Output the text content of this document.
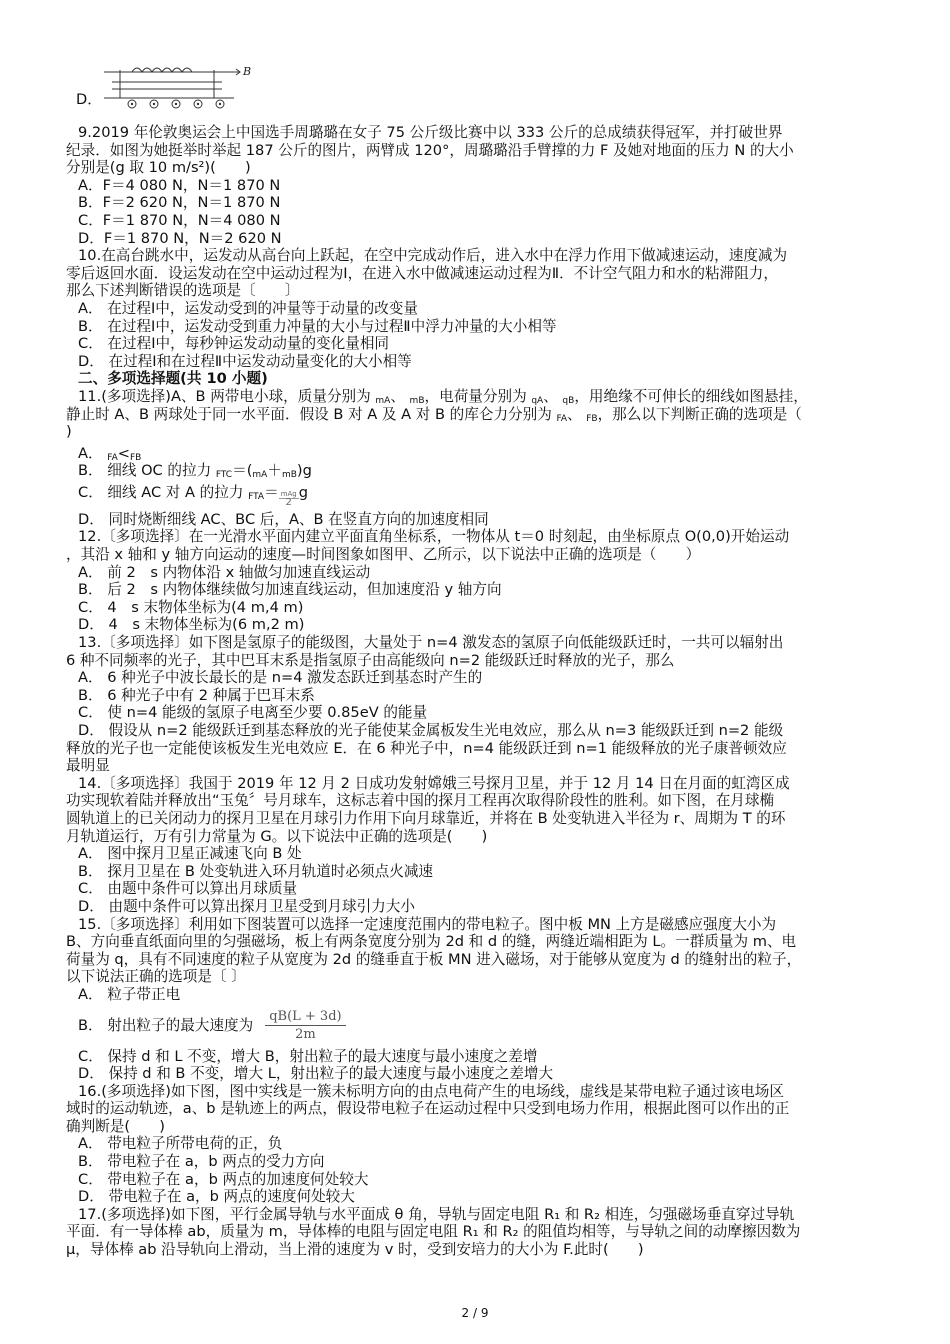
D．
B

9.2019 年伦敦奥运会上中国选手周璐璐在女子 75 公斤级比赛中以 333 公斤的总成绩获得冠军，并打破世界

纪录．如图为她挺举时举起 187 公斤的图片，两臂成 120°，周璐璐沿手臂撑的力 F 及她对地面的压力 N 的大小

分别是(g 取 10 m/s²)(　　)

A．F＝4 080 N，N＝1 870 N

B．F＝2 620 N，N＝1 870 N

C．F＝1 870 N，N＝4 080 N

D．F＝1 870 N，N＝2 620 N

10.在高台跳水中，运发动从高台向上跃起，在空中完成动作后，进入水中在浮力作用下做减速运动，速度减为

零后返回水面．设运发动在空中运动过程为Ⅰ，在进入水中做减速运动过程为Ⅱ．不计空气阻力和水的粘滞阻力，

那么下述判断错误的选项是〔　　〕

A． 在过程Ⅰ中，运发动受到的冲量等于动量的改变量

B． 在过程Ⅰ中，运发动受到重力冲量的大小与过程Ⅱ中浮力冲量的大小相等

C． 在过程Ⅰ中，每秒钟运发动动量的变化量相同

D． 在过程Ⅰ和在过程Ⅱ中运发动动量变化的大小相等

二、多项选择题(共 10 小题)

11.(多项选择)A、B 两带电小球，质量分别为 mA、 mB，电荷量分别为 qA、 qB，用绝缘不可伸长的细线如图悬挂，

静止时 A、B 两球处于同一水平面．假设 B 对 A 及 A 对 B 的库仑力分别为 FA、 FB，那么以下判断正确的选项是（

)

A． FA<FB

B． 细线 OC 的拉力 FTC＝(mA＋mB)g

C． 细线 AC 对 A 的拉力 $FTA= \frac{\text{mAg}}{2}$ g

D． 同时烧断细线 AC、BC 后，A、B 在竖直方向的加速度相同

12.〔多项选择〕在一光滑水平面内建立平面直角坐标系，一物体从 t＝0 时刻起，由坐标原点 O(0,0)开始运动

，其沿 x 轴和 y 轴方向运动的速度—时间图象如图甲、乙所示，以下说法中正确的选项是（　　）

A． 前 2　s 内物体沿 x 轴做匀加速直线运动

B． 后 2　s 内物体继续做匀加速直线运动，但加速度沿 y 轴方向

C． 4　s 末物体坐标为(4 m,4 m)

D． 4　s 末物体坐标为(6 m,2 m)

13.〔多项选择〕如下图是氢原子的能级图，大量处于 n=4 激发态的氢原子向低能级跃迁时，一共可以辐射出

6 种不同频率的光子，其中巴耳末系是指氢原子由高能级向 n=2 能级跃迁时释放的光子，那么

A． 6 种光子中波长最长的是 n=4 激发态跃迁到基态时产生的

B． 6 种光子中有 2 种属于巴耳末系

C． 使 n=4 能级的氢原子电离至少要 0.85eV 的能量

D． 假设从 n=2 能级跃迁到基态释放的光子能使某金属板发生光电效应，那么从 n=3 能级跃迁到 n=2 能级

释放的光子也一定能使该板发生光电效应 E．在 6 种光子中，n=4 能级跃迁到 n=1 能级释放的光子康普顿效应

最明显

14.〔多项选择〕我国于 2019 年 12 月 2 日成功发射嫦娥三号探月卫星，并于 12 月 14 日在月面的虹湾区成

功实现软着陆并释放出“玉兔〞号月球车，这标志着中国的探月工程再次取得阶段性的胜利。如下图，在月球椭

圆轨道上的已关闭动力的探月卫星在月球引力作用下向月球靠近，并将在 B 处变轨进入半径为 r、周期为 T 的环

月轨道运行，万有引力常量为 G。以下说法中正确的选项是(　　)

A． 图中探月卫星正减速飞向 B 处

B． 探月卫星在 B 处变轨进入环月轨道时必须点火减速

C． 由题中条件可以算出月球质量

D． 由题中条件可以算出探月卫星受到月球引力大小

15.〔多项选择〕利用如下图装置可以选择一定速度范围内的带电粒子。图中板 MN 上方是磁感应强度大小为

B、方向垂直纸面向里的匀强磁场，板上有两条宽度分别为 2d 和 d 的缝，两缝近端相距为 L。一群质量为 m、电

荷量为 q，具有不同速度的粒子从宽度为 2d 的缝垂直于板 MN 进入磁场，对于能够从宽度为 d 的缝射出的粒子，

以下说法正确的选项是〔 〕

A． 粒子带正电

B． 射出粒子的最大速度为 $\frac{qB(L + 3d)}{2m}$

C． 保持 d 和 L 不变，增大 B，射出粒子的最大速度与最小速度之差增

D． 保持 d 和 B 不变，增大 L，射出粒子的最大速度与最小速度之差增大

16.(多项选择)如下图，图中实线是一簇未标明方向的由点电荷产生的电场线，虚线是某带电粒子通过该电场区

域时的运动轨迹，a、b 是轨迹上的两点，假设带电粒子在运动过程中只受到电场力作用，根据此图可以作出的正

确判断是(　　)

A． 带电粒子所带电荷的正，负

B． 带电粒子在 a，b 两点的受力方向

C． 带电粒子在 a，b 两点的加速度何处较大

D． 带电粒子在 a，b 两点的速度何处较大

17.(多项选择)如下图，平行金属导轨与水平面成 θ 角，导轨与固定电阻 R₁ 和 R₂ 相连，匀强磁场垂直穿过导轨

平面．有一导体棒 ab，质量为 m，导体棒的电阻与固定电阻 R₁ 和 R₂ 的阻值均相等，与导轨之间的动摩擦因数为

μ，导体棒 ab 沿导轨向上滑动，当上滑的速度为 v 时，受到安培力的大小为 F.此时(　　)

2 / 9
